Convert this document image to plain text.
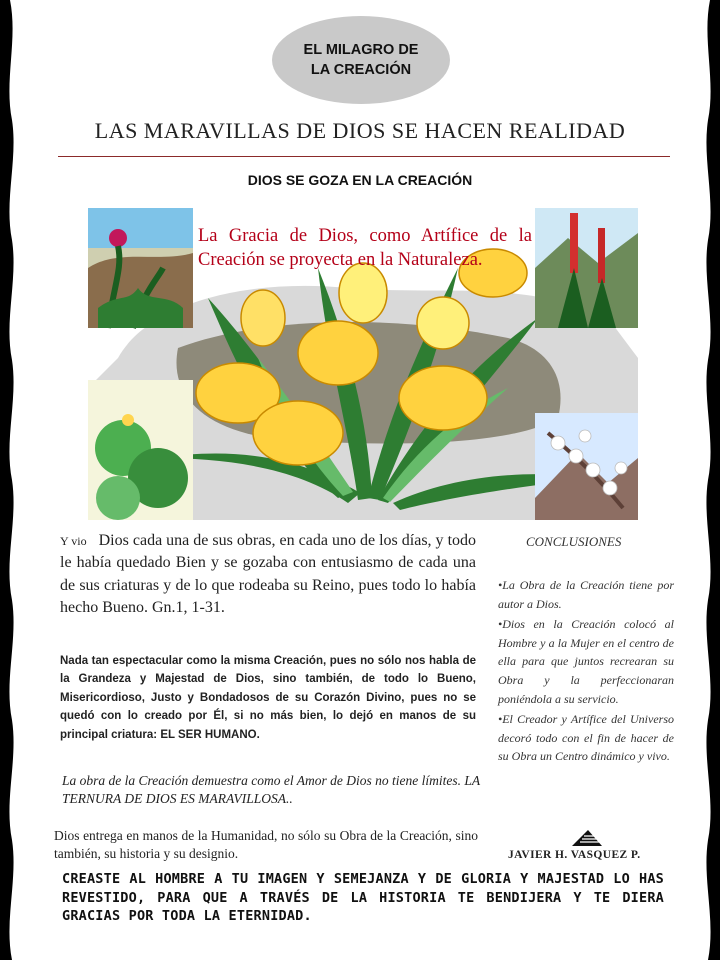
EL MILAGRO DE
LA CREACIÓN
LAS MARAVILLAS DE DIOS SE HACEN REALIDAD
DIOS SE GOZA EN LA CREACIÓN
La Gracia de Dios, como Artífice de la Creación se proyecta en la Naturaleza.
Y vio Dios cada una de sus obras, en cada uno de los días, y todo le había quedado Bien y se gozaba con entusiasmo de cada una de sus criaturas y de lo que rodeaba su Reino, pues todo lo había hecho Bueno. Gn.1, 1-31.
Nada tan espectacular como la misma Creación, pues no sólo nos habla de la Grandeza y Majestad de Dios, sino también, de todo lo Bueno, Misericordioso, Justo y Bondadosos de su Corazón Divino, pues no se quedó con lo creado por Él, si no más bien, lo dejó en manos de su principal criatura: EL SER HUMANO.
La obra de la Creación demuestra como el Amor de Dios no tiene límites. LA TERNURA DE DIOS ES MARAVILLOSA..
Dios entrega en manos de la Humanidad, no sólo su Obra de la Creación, sino también, su historia y su designio.
CONCLUSIONES
•La Obra de la Creación tiene por autor a Dios.
•Dios en la Creación colocó al Hombre y a la Mujer en el centro de ella para que juntos recrearan su Obra y la perfeccionaran poniéndola a su servicio.
•El Creador y Artífice del Universo decoró todo con el fin de hacer de su Obra un Centro dinámico y vivo.
JAVIER H. VASQUEZ P.
CREASTE AL HOMBRE A TU IMAGEN Y SEMEJANZA Y DE GLORIA Y MAJESTAD LO HAS REVESTIDO, PARA QUE A TRAVÉS DE LA HISTORIA TE BENDIJERA Y TE DIERA GRACIAS POR TODA LA ETERNIDAD.
